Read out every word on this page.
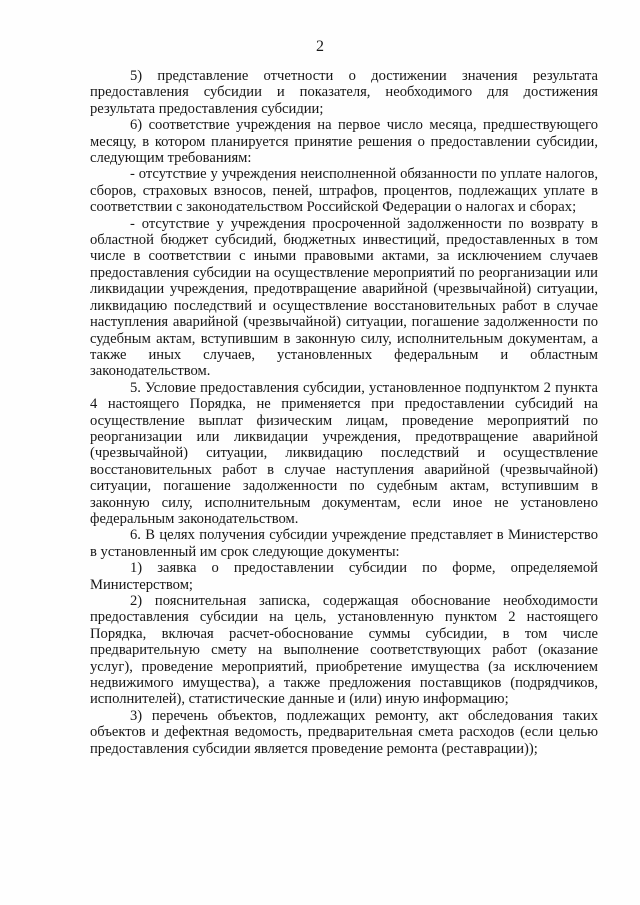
2

5) представление отчетности о достижении значения результата предоставления субсидии и показателя, необходимого для достижения результата предоставления субсидии;

6) соответствие учреждения на первое число месяца, предшествующего месяцу, в котором планируется принятие решения о предоставлении субсидии, следующим требованиям:

- отсутствие у учреждения неисполненной обязанности по уплате налогов, сборов, страховых взносов, пеней, штрафов, процентов, подлежащих уплате в соответствии с законодательством Российской Федерации о налогах и сборах;

- отсутствие у учреждения просроченной задолженности по возврату в областной бюджет субсидий, бюджетных инвестиций, предоставленных в том числе в соответствии с иными правовыми актами, за исключением случаев предоставления субсидии на осуществление мероприятий по реорганизации или ликвидации учреждения, предотвращение аварийной (чрезвычайной) ситуации, ликвидацию последствий и осуществление восстановительных работ в случае наступления аварийной (чрезвычайной) ситуации, погашение задолженности по судебным актам, вступившим в законную силу, исполнительным документам, а также иных случаев, установленных федеральным и областным законодательством.

5. Условие предоставления субсидии, установленное подпунктом 2 пункта 4 настоящего Порядка, не применяется при предоставлении субсидий на осуществление выплат физическим лицам, проведение мероприятий по реорганизации или ликвидации учреждения, предотвращение аварийной (чрезвычайной) ситуации, ликвидацию последствий и осуществление восстановительных работ в случае наступления аварийной (чрезвычайной) ситуации, погашение задолженности по судебным актам, вступившим в законную силу, исполнительным документам, если иное не установлено федеральным законодательством.

6. В целях получения субсидии учреждение представляет в Министерство в установленный им срок следующие документы:

1) заявка о предоставлении субсидии по форме, определяемой Министерством;

2) пояснительная записка, содержащая обоснование необходимости предоставления субсидии на цель, установленную пунктом 2 настоящего Порядка, включая расчет-обоснование суммы субсидии, в том числе предварительную смету на выполнение соответствующих работ (оказание услуг), проведение мероприятий, приобретение имущества (за исключением недвижимого имущества), а также предложения поставщиков (подрядчиков, исполнителей), статистические данные и (или) иную информацию;

3) перечень объектов, подлежащих ремонту, акт обследования таких объектов и дефектная ведомость, предварительная смета расходов (если целью предоставления субсидии является проведение ремонта (реставрации));
